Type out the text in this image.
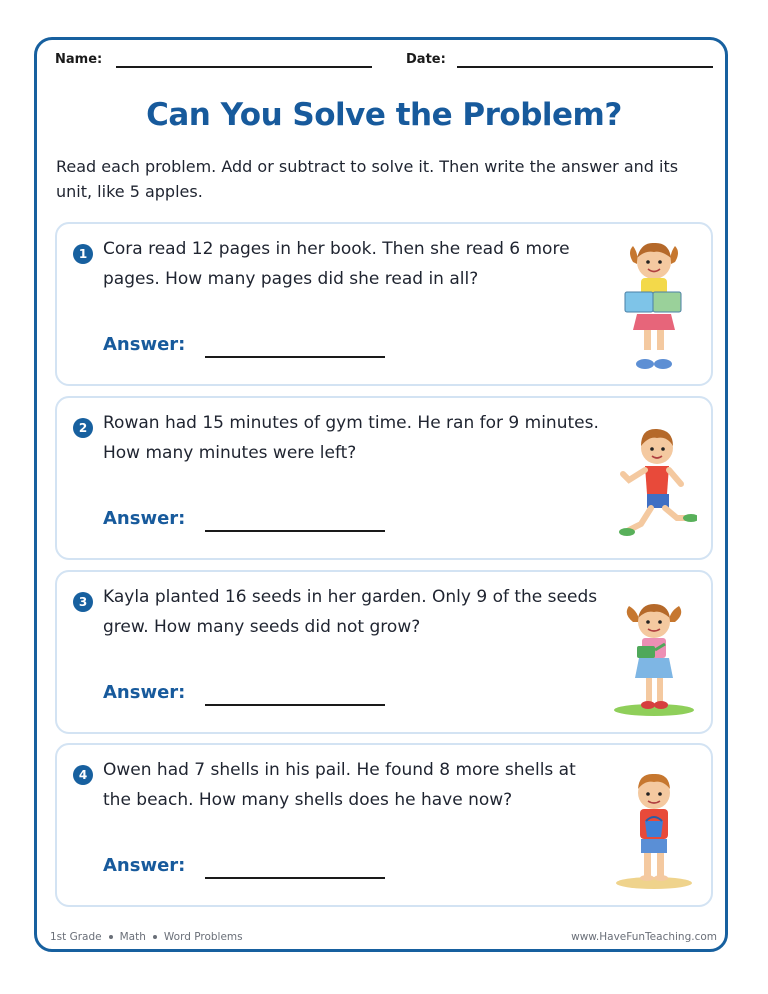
Name:	Date:
Can You Solve the Problem?
Read each problem. Add or subtract to solve it. Then write the answer and its unit, like 5 apples.
1 Cora read 12 pages in her book. Then she read 6 more pages. How many pages did she read in all?
Answer:
2 Rowan had 15 minutes of gym time. He ran for 9 minutes. How many minutes were left?
Answer:
3 Kayla planted 16 seeds in her garden. Only 9 of the seeds grew. How many seeds did not grow?
Answer:
4 Owen had 7 shells in his pail. He found 8 more shells at the beach. How many shells does he have now?
Answer:
1st Grade Math Word Problems	www.HaveFunTeaching.com
